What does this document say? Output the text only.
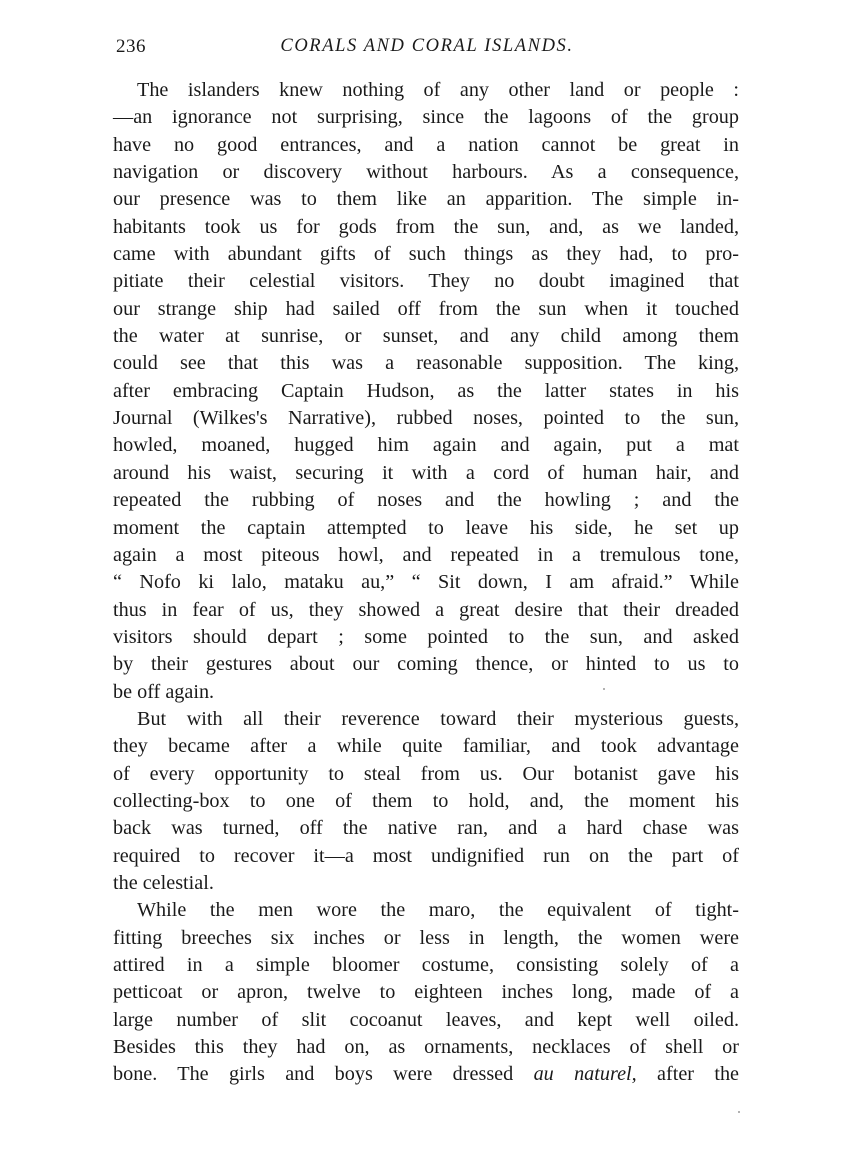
236	CORALS AND CORAL ISLANDS.
The islanders knew nothing of any other land or people :
—an ignorance not surprising, since the lagoons of the group
have no good entrances, and a nation cannot be great in
navigation or discovery without harbours. As a consequence,
our presence was to them like an apparition. The simple in-
habitants took us for gods from the sun, and, as we landed,
came with abundant gifts of such things as they had, to pro-
pitiate their celestial visitors. They no doubt imagined that
our strange ship had sailed off from the sun when it touched
the water at sunrise, or sunset, and any child among them
could see that this was a reasonable supposition. The king,
after embracing Captain Hudson, as the latter states in his
Journal (Wilkes's Narrative), rubbed noses, pointed to the sun,
howled, moaned, hugged him again and again, put a mat
around his waist, securing it with a cord of human hair, and
repeated the rubbing of noses and the howling ; and the
moment the captain attempted to leave his side, he set up
again a most piteous howl, and repeated in a tremulous tone,
“ Nofo ki lalo, mataku au,” “ Sit down, I am afraid.” While
thus in fear of us, they showed a great desire that their dreaded
visitors should depart ; some pointed to the sun, and asked
by their gestures about our coming thence, or hinted to us to
be off again.
But with all their reverence toward their mysterious guests,
they became after a while quite familiar, and took advantage
of every opportunity to steal from us. Our botanist gave his
collecting-box to one of them to hold, and, the moment his
back was turned, off the native ran, and a hard chase was
required to recover it—a most undignified run on the part of
the celestial.
While the men wore the maro, the equivalent of tight-
fitting breeches six inches or less in length, the women were
attired in a simple bloomer costume, consisting solely of a
petticoat or apron, twelve to eighteen inches long, made of a
large number of slit cocoanut leaves, and kept well oiled.
Besides this they had on, as ornaments, necklaces of shell or
bone. The girls and boys were dressed au naturel, after the
